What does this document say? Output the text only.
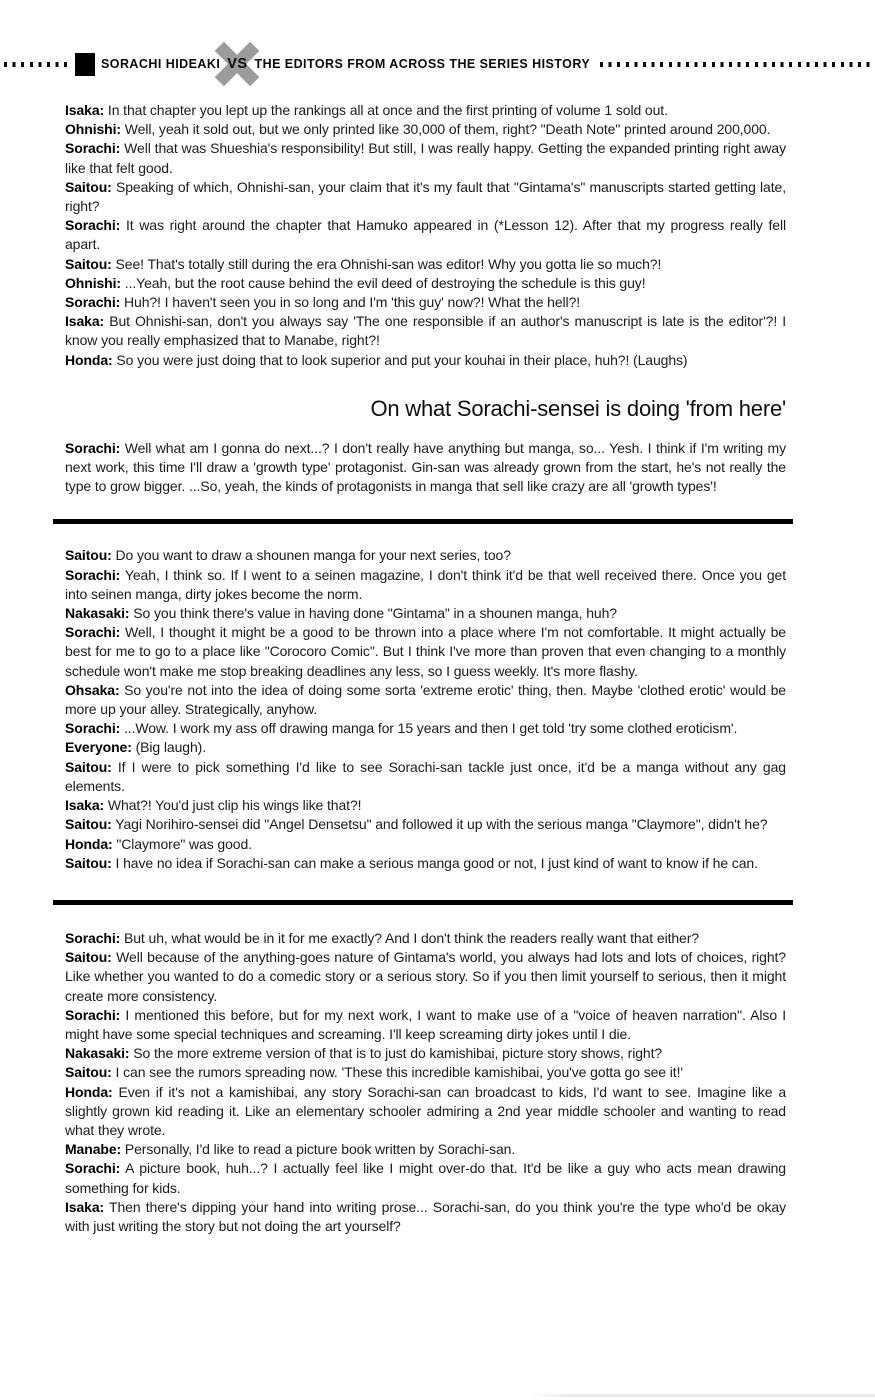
SORACHI HIDEAKI VS THE EDITORS FROM ACROSS THE SERIES HISTORY

Isaka: In that chapter you lept up the rankings all at once and the first printing of volume 1 sold out.

Ohnishi: Well, yeah it sold out, but we only printed like 30,000 of them, right? "Death Note" printed around 200,000.

Sorachi: Well that was Shueshia's responsibility! But still, I was really happy. Getting the expanded printing right away like that felt good.

Saitou: Speaking of which, Ohnishi-san, your claim that it's my fault that "Gintama's" manuscripts started getting late, right?

Sorachi: It was right around the chapter that Hamuko appeared in (*Lesson 12). After that my progress really fell apart.

Saitou: See! That's totally still during the era Ohnishi-san was editor! Why you gotta lie so much?!

Ohnishi: ...Yeah, but the root cause behind the evil deed of destroying the schedule is this guy!

Sorachi: Huh?! I haven't seen you in so long and I'm 'this guy' now?! What the hell?!

Isaka: But Ohnishi-san, don't you always say 'The one responsible if an author's manuscript is late is the editor'?! I know you really emphasized that to Manabe, right?!

Honda: So you were just doing that to look superior and put your kouhai in their place, huh?! (Laughs)

On what Sorachi-sensei is doing 'from here'

Sorachi: Well what am I gonna do next...? I don't really have anything but manga, so... Yesh. I think if I'm writing my next work, this time I'll draw a 'growth type' protagonist. Gin-san was already grown from the start, he's not really the type to grow bigger. ...So, yeah, the kinds of protagonists in manga that sell like crazy are all 'growth types'!

Saitou: Do you want to draw a shounen manga for your next series, too?

Sorachi: Yeah, I think so. If I went to a seinen magazine, I don't think it'd be that well received there. Once you get into seinen manga, dirty jokes become the norm.

Nakasaki: So you think there's value in having done "Gintama" in a shounen manga, huh?

Sorachi: Well, I thought it might be a good to be thrown into a place where I'm not comfortable. It might actually be best for me to go to a place like "Corocoro Comic". But I think I've more than proven that even changing to a monthly schedule won't make me stop breaking deadlines any less, so I guess weekly. It's more flashy.

Ohsaka: So you're not into the idea of doing some sorta 'extreme erotic' thing, then. Maybe 'clothed erotic' would be more up your alley. Strategically, anyhow.

Sorachi: ...Wow. I work my ass off drawing manga for 15 years and then I get told 'try some clothed eroticism'.

Everyone: (Big laugh).

Saitou: If I were to pick something I'd like to see Sorachi-san tackle just once, it'd be a manga without any gag elements.

Isaka: What?! You'd just clip his wings like that?!

Saitou: Yagi Norihiro-sensei did "Angel Densetsu" and followed it up with the serious manga "Claymore", didn't he?

Honda: "Claymore" was good.

Saitou: I have no idea if Sorachi-san can make a serious manga good or not, I just kind of want to know if he can.

Sorachi: But uh, what would be in it for me exactly? And I don't think the readers really want that either?

Saitou: Well because of the anything-goes nature of Gintama's world, you always had lots and lots of choices, right? Like whether you wanted to do a comedic story or a serious story. So if you then limit yourself to serious, then it might create more consistency.

Sorachi: I mentioned this before, but for my next work, I want to make use of a "voice of heaven narration". Also I might have some special techniques and screaming. I'll keep screaming dirty jokes until I die.

Nakasaki: So the more extreme version of that is to just do kamishibai, picture story shows, right?

Saitou: I can see the rumors spreading now. 'These this incredible kamishibai, you've gotta go see it!'

Honda: Even if it's not a kamishibai, any story Sorachi-san can broadcast to kids, I'd want to see. Imagine like a slightly grown kid reading it. Like an elementary schooler admiring a 2nd year middle schooler and wanting to read what they wrote.

Manabe: Personally, I'd like to read a picture book written by Sorachi-san.

Sorachi: A picture book, huh...? I actually feel like I might over-do that. It'd be like a guy who acts mean drawing something for kids.

Isaka: Then there's dipping your hand into writing prose... Sorachi-san, do you think you're the type who'd be okay with just writing the story but not doing the art yourself?
